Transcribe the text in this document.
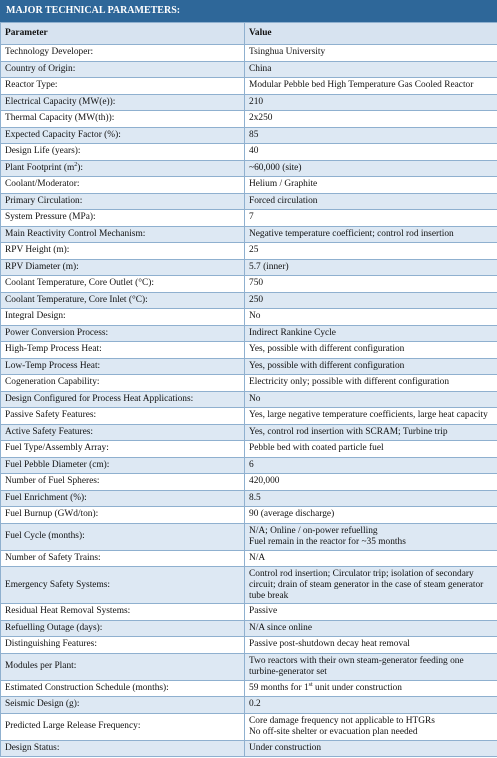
MAJOR TECHNICAL PARAMETERS:
Parameter	Value

Technology Developer:	Tsinghua University

Country of Origin:	China

Reactor Type:	Modular Pebble bed High Temperature Gas Cooled Reactor

Electrical Capacity (MW(e)):	210

Thermal Capacity (MW(th)):	2x250

Expected Capacity Factor (%):	85

Design Life (years):	40

Plant Footprint $(m^2)$:	~60,000 (site)

Coolant/Moderator:	Helium / Graphite

Primary Circulation:	Forced circulation

System Pressure (MPa):	7

Main Reactivity Control Mechanism:	Negative temperature coefficient; control rod insertion

RPV Height (m):	25

RPV Diameter (m):	5.7 (inner)

Coolant Temperature, Core Outlet (°C):	750

Coolant Temperature, Core Inlet (°C):	250

Integral Design:	No

Power Conversion Process:	Indirect Rankine Cycle

High-Temp Process Heat:	Yes, possible with different configuration

Low-Temp Process Heat:	Yes, possible with different configuration

Cogeneration Capability:	Electricity only; possible with different configuration

Design Configured for Process Heat Applications:	No

Passive Safety Features:	Yes, large negative temperature coefficients, large heat capacity

Active Safety Features:	Yes, control rod insertion with SCRAM; Turbine trip

Fuel Type/Assembly Array:	Pebble bed with coated particle fuel

Fuel Pebble Diameter (cm):	6

Number of Fuel Spheres:	420,000

Fuel Enrichment (%):	8.5

Fuel Burnup (GWd/ton):	90 (average discharge)

Fuel Cycle (months):	N/A; Online / on-power refuelling
Fuel remain in the reactor for ~35 months

Number of Safety Trains:	N/A

Emergency Safety Systems:	Control rod insertion; Circulator trip; isolation of secondary
circuit; drain of steam generator in the case of steam generator
tube break

Residual Heat Removal Systems:	Passive

Refuelling Outage (days):	N/A since online

Distinguishing Features:	Passive post-shutdown decay heat removal

Modules per Plant:	Two reactors with their own steam-generator feeding one
turbine-generator set

Estimated Construction Schedule (months):	59 months for 1st unit under construction

Seismic Design (g):	0.2

Predicted Large Release Frequency:	Core damage frequency not applicable to HTGRs
No off-site shelter or evacuation plan needed

Design Status:	Under construction
